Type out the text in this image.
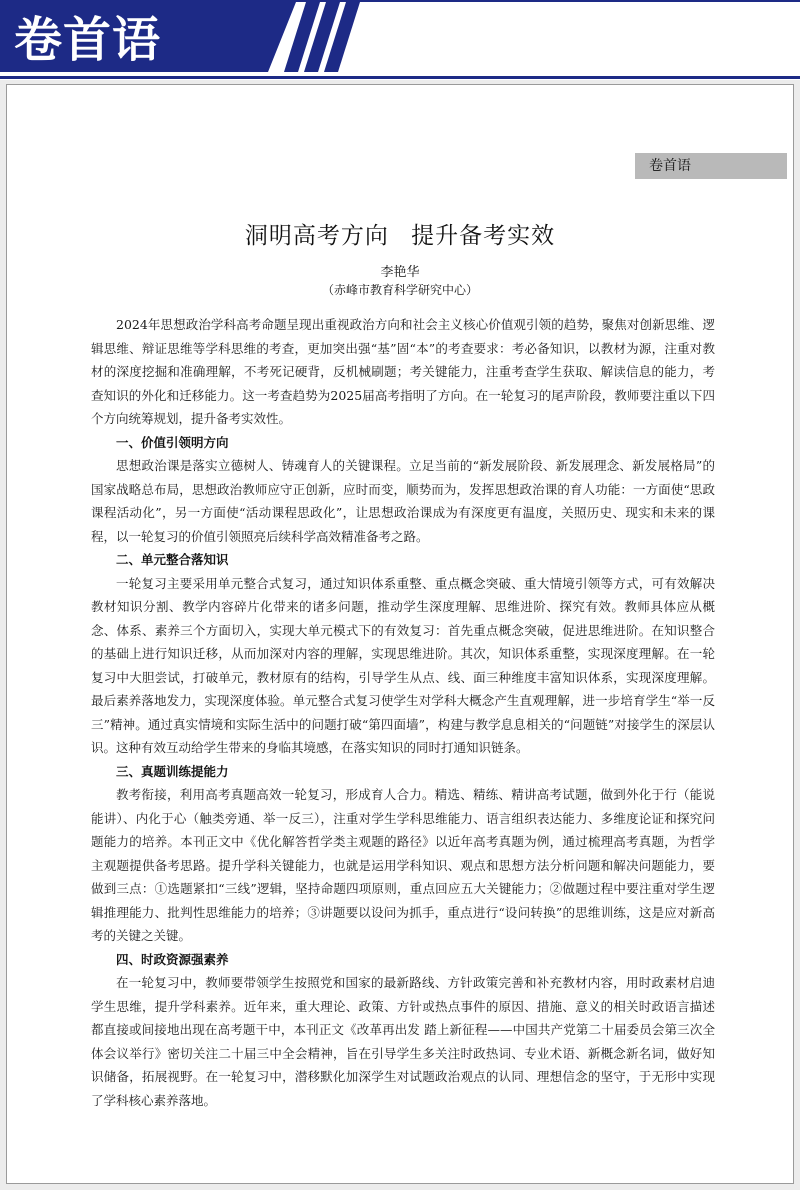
卷首语
卷首语
洞明高考方向 提升备考实效
李艳华
（赤峰市教育科学研究中心）

2024年思想政治学科高考命题呈现出重视政治方向和社会主义核心价值观引领的趋势，聚焦对创新思维、逻辑思维、辩证思维等学科思维的考查，更加突出强“基”固“本”的考查要求：考必备知识，以教材为源，注重对教材的深度挖掘和准确理解，不考死记硬背，反机械刷题；考关键能力，注重考查学生获取、解读信息的能力，考查知识的外化和迁移能力。这一考查趋势为2025届高考指明了方向。在一轮复习的尾声阶段，教师要注重以下四个方向统筹规划，提升备考实效性。

一、价值引领明方向

思想政治课是落实立德树人、铸魂育人的关键课程。立足当前的“新发展阶段、新发展理念、新发展格局”的国家战略总布局，思想政治教师应守正创新，应时而变，顺势而为，发挥思想政治课的育人功能：一方面使“思政课程活动化”，另一方面使“活动课程思政化”，让思想政治课成为有深度更有温度，关照历史、现实和未来的课程，以一轮复习的价值引领照亮后续科学高效精准备考之路。

二、单元整合落知识

一轮复习主要采用单元整合式复习，通过知识体系重整、重点概念突破、重大情境引领等方式，可有效解决教材知识分割、教学内容碎片化带来的诸多问题，推动学生深度理解、思维进阶、探究有效。教师具体应从概念、体系、素养三个方面切入，实现大单元模式下的有效复习：首先重点概念突破，促进思维进阶。在知识整合的基础上进行知识迁移，从而加深对内容的理解，实现思维进阶。其次，知识体系重整，实现深度理解。在一轮复习中大胆尝试，打破单元，教材原有的结构，引导学生从点、线、面三种维度丰富知识体系，实现深度理解。最后素养落地发力，实现深度体验。单元整合式复习使学生对学科大概念产生直观理解，进一步培育学生“举一反三”精神。通过真实情境和实际生活中的问题打破“第四面墙”，构建与教学息息相关的“问题链”对接学生的深层认识。这种有效互动给学生带来的身临其境感，在落实知识的同时打通知识链条。

三、真题训练提能力

教考衔接，利用高考真题高效一轮复习，形成育人合力。精选、精练、精讲高考试题，做到外化于行（能说能讲）、内化于心（触类旁通、举一反三），注重对学生学科思维能力、语言组织表达能力、多维度论证和探究问题能力的培养。本刊正文中《优化解答哲学类主观题的路径》以近年高考真题为例，通过梳理高考真题，为哲学主观题提供备考思路。提升学科关键能力，也就是运用学科知识、观点和思想方法分析问题和解决问题能力，要做到三点：①选题紧扣“三线”逻辑，坚持命题四项原则，重点回应五大关键能力；②做题过程中要注重对学生逻辑推理能力、批判性思维能力的培养；③讲题要以设问为抓手，重点进行“设问转换”的思维训练，这是应对新高考的关键之关键。

四、时政资源强素养

在一轮复习中，教师要带领学生按照党和国家的最新路线、方针政策完善和补充教材内容，用时政素材启迪学生思维，提升学科素养。近年来，重大理论、政策、方针或热点事件的原因、措施、意义的相关时政语言描述都直接或间接地出现在高考题干中，本刊正文《改革再出发 踏上新征程——中国共产党第二十届委员会第三次全体会议举行》密切关注二十届三中全会精神，旨在引导学生多关注时政热词、专业术语、新概念新名词，做好知识储备，拓展视野。在一轮复习中，潜移默化加深学生对试题政治观点的认同、理想信念的坚守，于无形中实现了学科核心素养落地。
